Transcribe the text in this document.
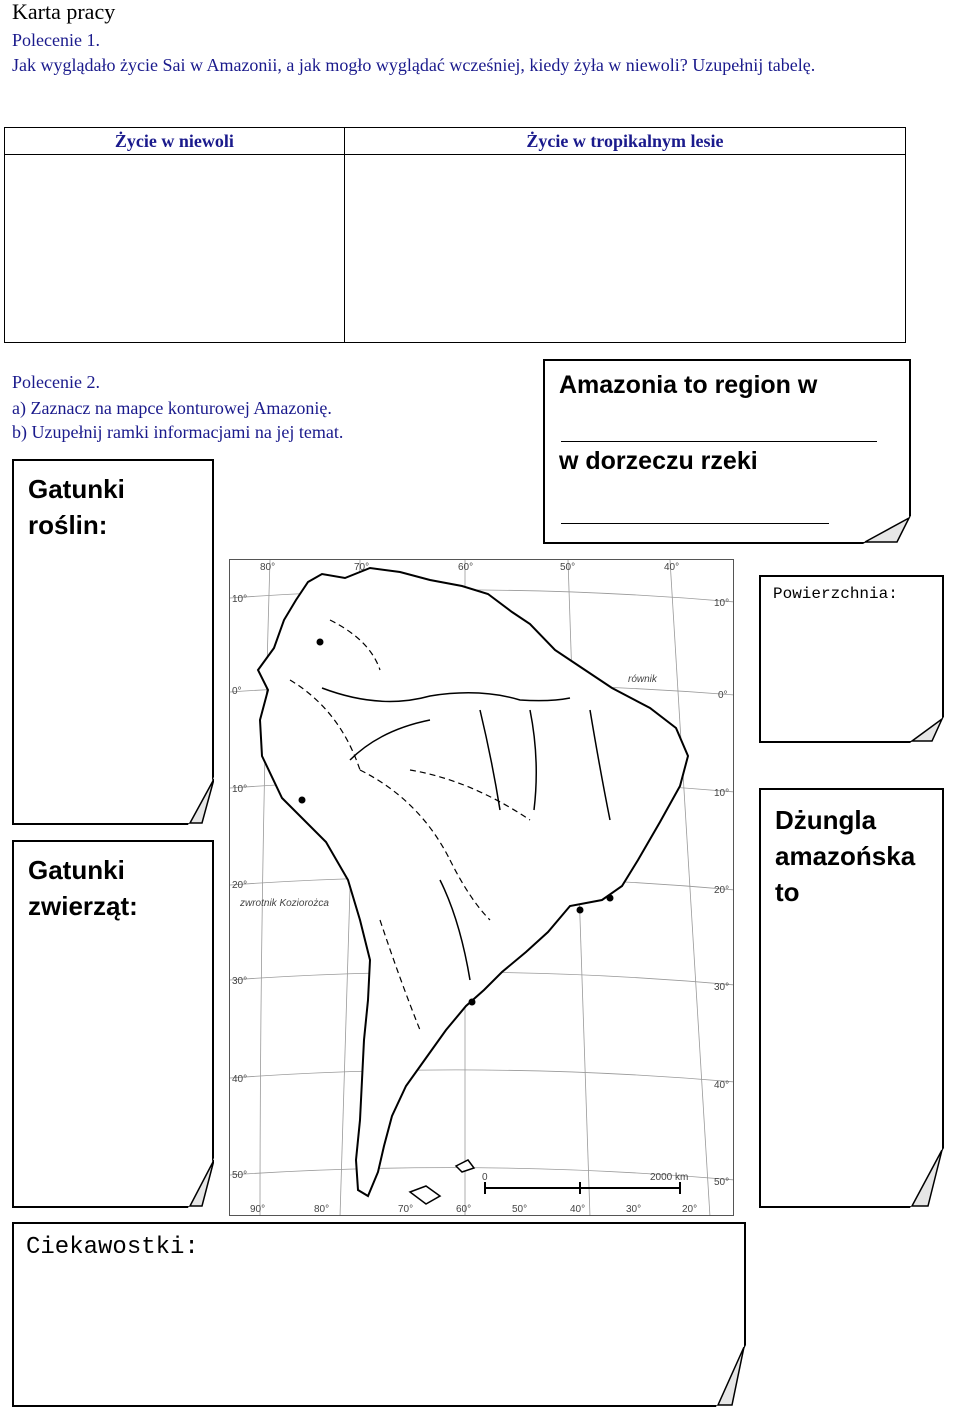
Karta pracy
Polecenie 1.
Jak wyglądało życie Sai w Amazonii, a jak mogło wyglądać wcześniej, kiedy żyła w niewoli? Uzupełnij tabelę.
Życie w niewoli	Życie w tropikalnym lesie

Polecenie 2.
a) Zaznacz na mapce konturowej Amazonię.
b) Uzupełnij ramki informacjami na jej temat.
Gatunki roślin:
Gatunki zwierząt:
Amazonia to region w
w dorzeczu rzeki
Powierzchnia:
Dżungla amazońska to
Ciekawostki:
80°	70°	60°	50°	40°
90°	80°	70°	60°	50°	40°	30°	20°
10°
0°
10°
20°
30°
40°
50°
10°
0°
10°
20°
30°
40°
50°
równik
zwrotnik Koziorożca
0	2000 km
